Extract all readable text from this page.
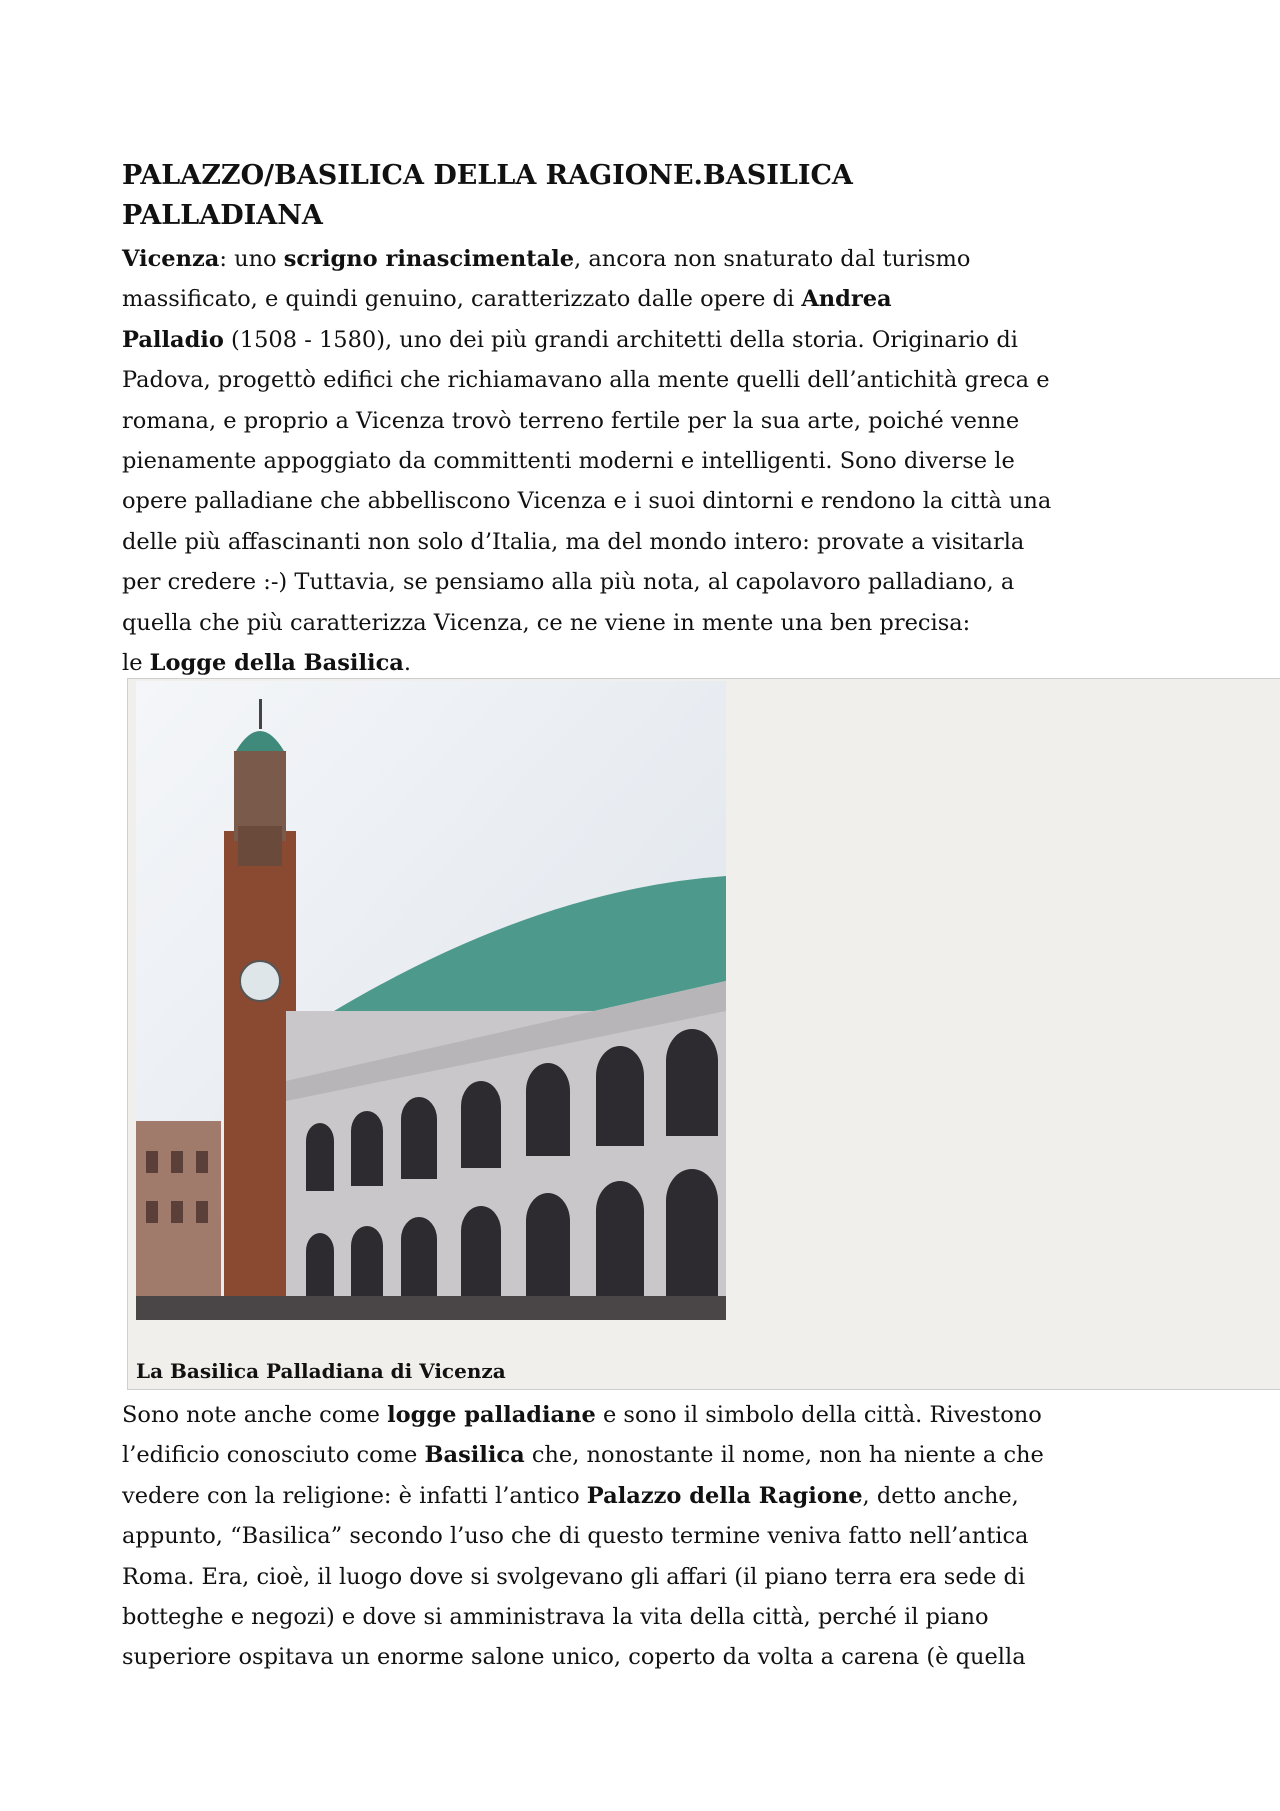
PALAZZO/BASILICA DELLA RAGIONE.BASILICA
PALLADIANA
Vicenza: uno scrigno rinascimentale, ancora non snaturato dal turismo
massificato, e quindi genuino, caratterizzato dalle opere di Andrea
Palladio (1508 - 1580), uno dei più grandi architetti della storia. Originario di
Padova, progettò edifici che richiamavano alla mente quelli dell’antichità greca e
romana, e proprio a Vicenza trovò terreno fertile per la sua arte, poiché venne
pienamente appoggiato da committenti moderni e intelligenti. Sono diverse le
opere palladiane che abbelliscono Vicenza e i suoi dintorni e rendono la città una
delle più affascinanti non solo d’Italia, ma del mondo intero: provate a visitarla
per credere :-) Tuttavia, se pensiamo alla più nota, al capolavoro palladiano, a
quella che più caratterizza Vicenza, ce ne viene in mente una ben precisa:
le Logge della Basilica.
La Basilica Palladiana di Vicenza
Sono note anche come logge palladiane e sono il simbolo della città. Rivestono
l’edificio conosciuto come Basilica che, nonostante il nome, non ha niente a che
vedere con la religione: è infatti l’antico Palazzo della Ragione, detto anche,
appunto, “Basilica” secondo l’uso che di questo termine veniva fatto nell’antica
Roma. Era, cioè, il luogo dove si svolgevano gli affari (il piano terra era sede di
botteghe e negozi) e dove si amministrava la vita della città, perché il piano
superiore ospitava un enorme salone unico, coperto da volta a carena (è quella
